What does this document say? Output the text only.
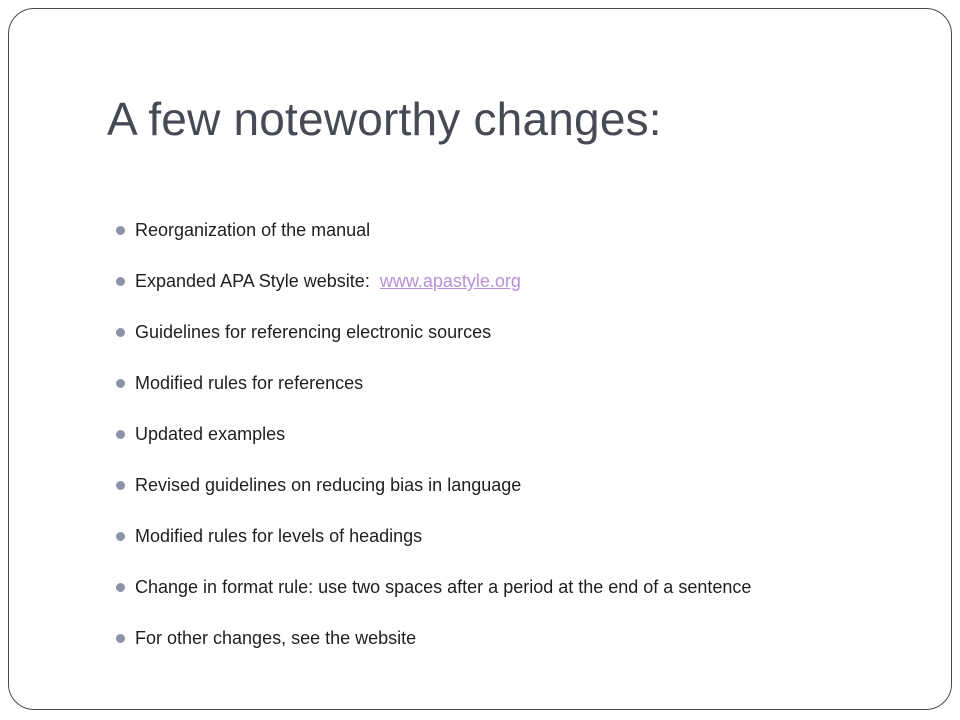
A few noteworthy changes:
Reorganization of the manual
Expanded APA Style website: www.apastyle.org
Guidelines for referencing electronic sources
Modified rules for references
Updated examples
Revised guidelines on reducing bias in language
Modified rules for levels of headings
Change in format rule: use two spaces after a period at the end of a sentence
For other changes, see the website
